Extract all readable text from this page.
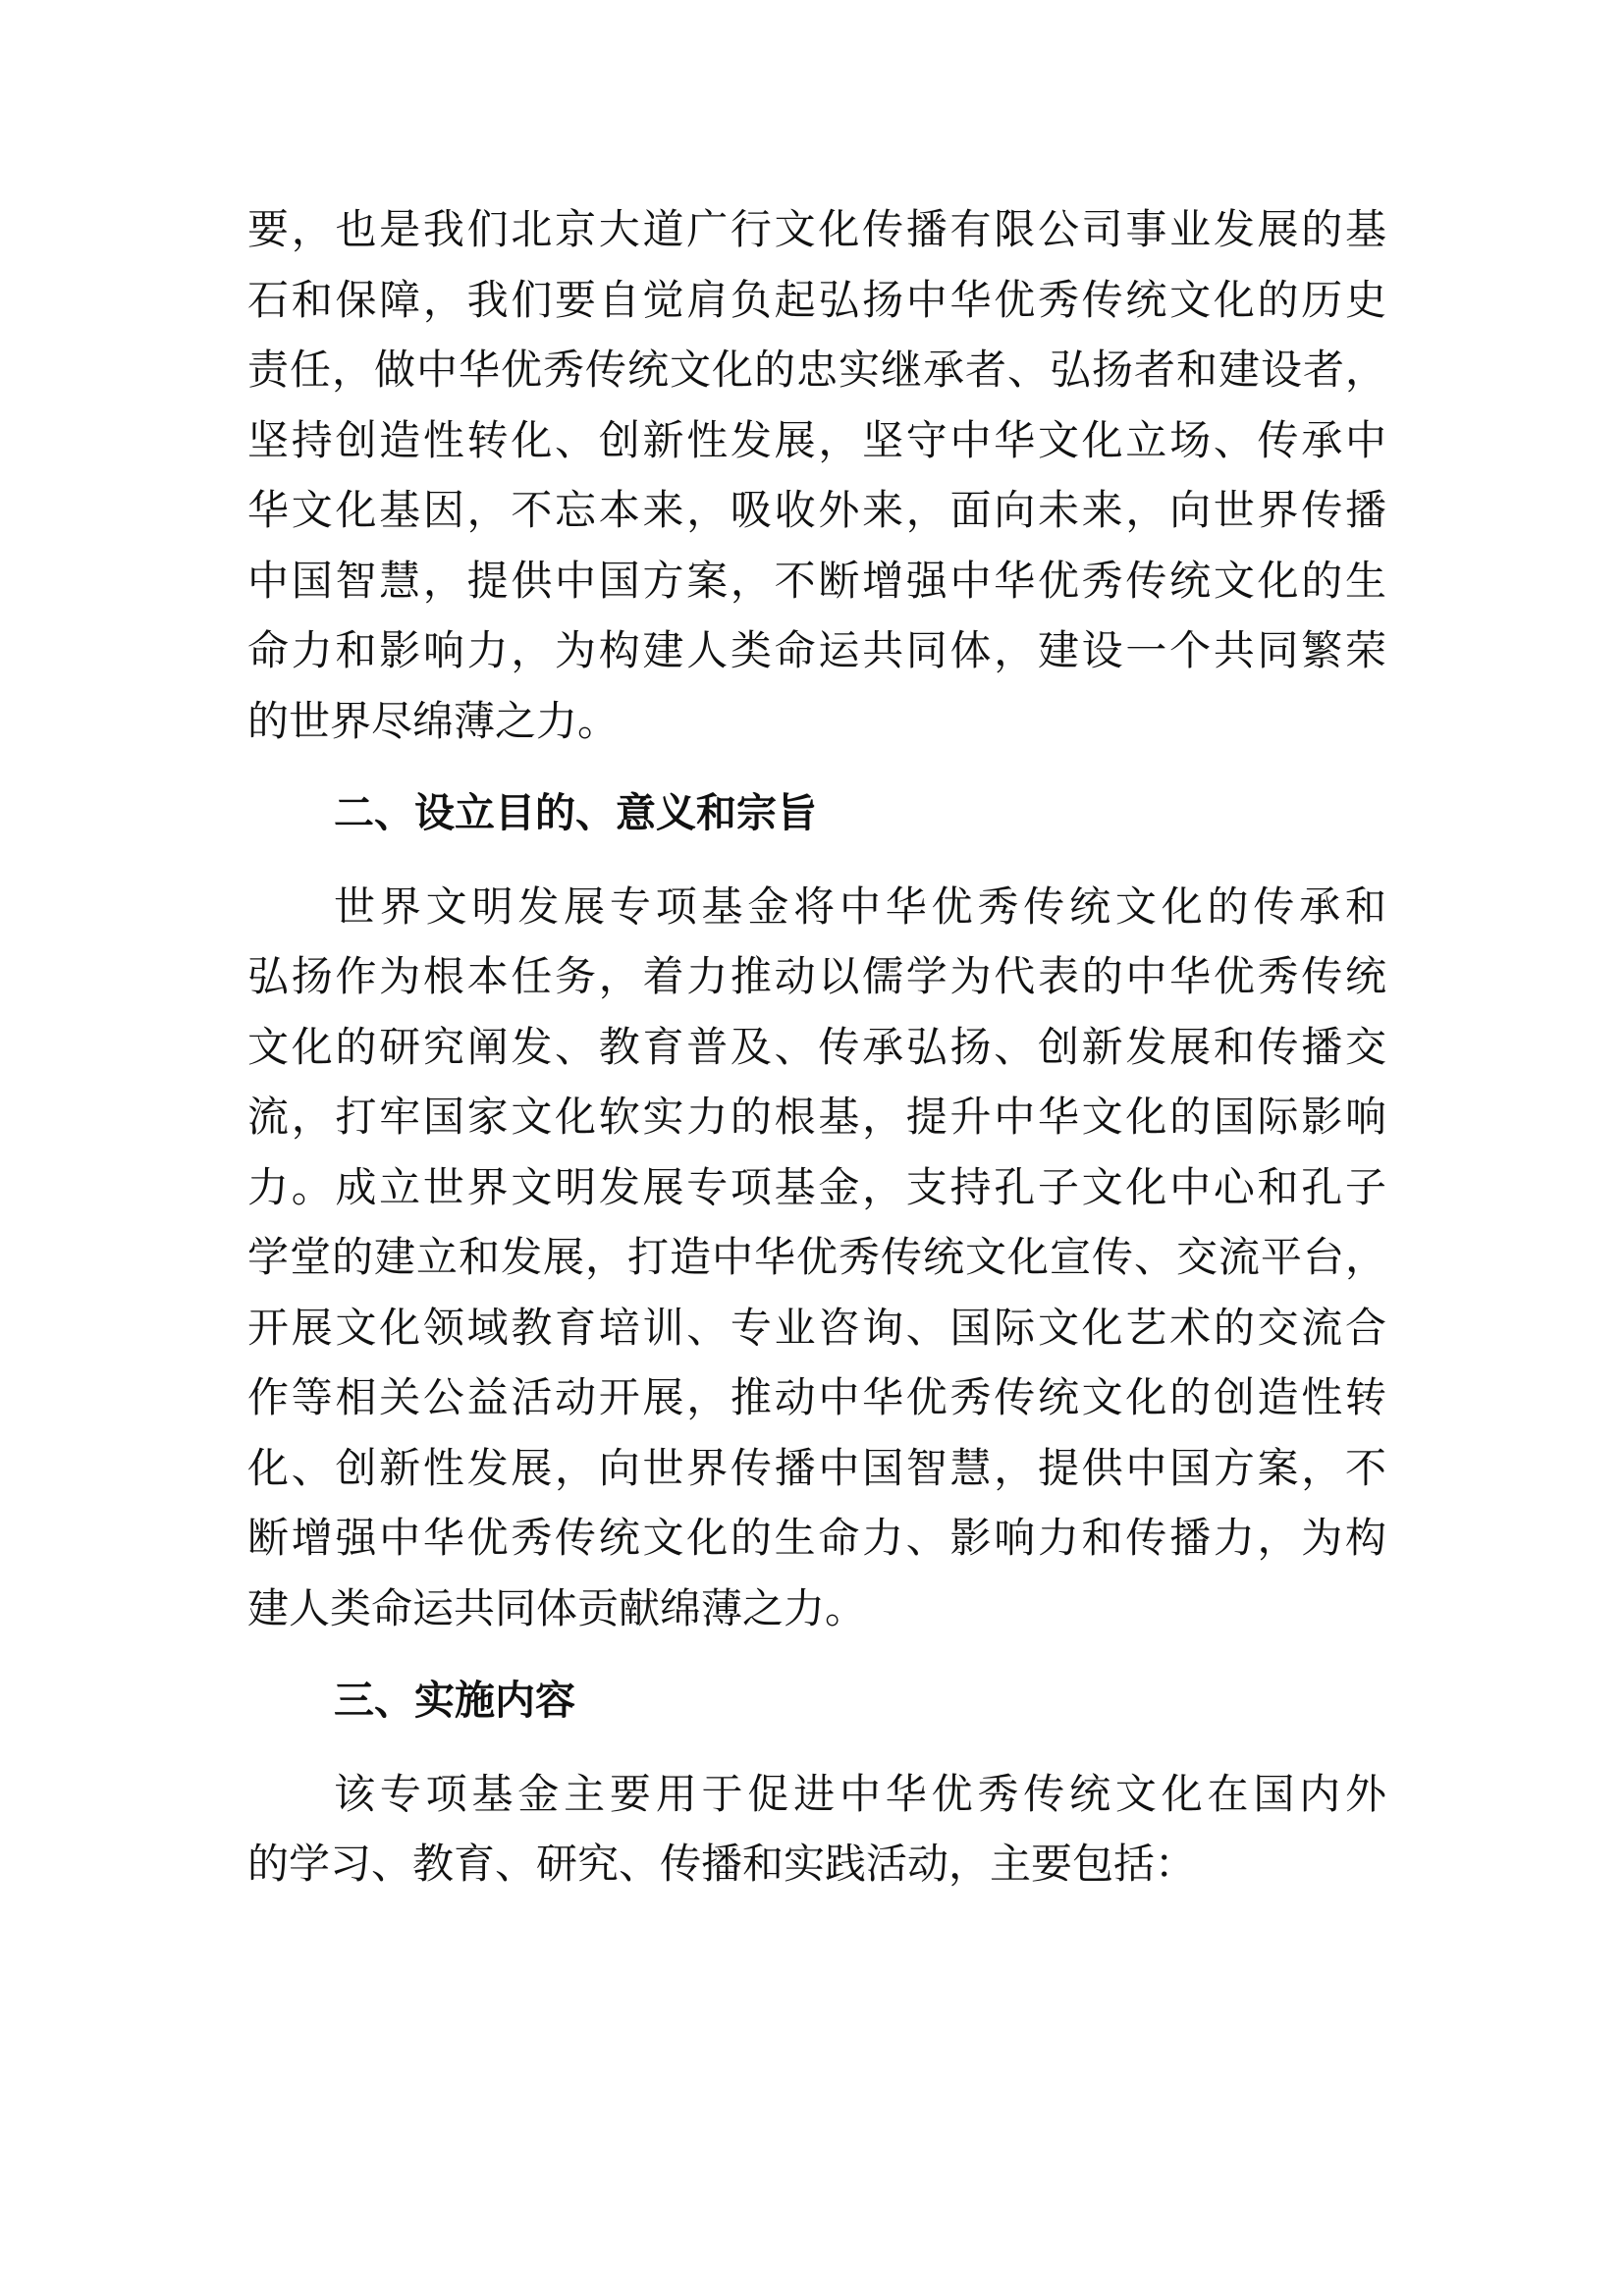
要，也是我们北京大道广行文化传播有限公司事业发展的基
石和保障，我们要自觉肩负起弘扬中华优秀传统文化的历史
责任，做中华优秀传统文化的忠实继承者、弘扬者和建设者，
坚持创造性转化、创新性发展，坚守中华文化立场、传承中
华文化基因，不忘本来，吸收外来，面向未来，向世界传播
中国智慧，提供中国方案，不断增强中华优秀传统文化的生
命力和影响力，为构建人类命运共同体，建设一个共同繁荣
的世界尽绵薄之力。
二、设立目的、意义和宗旨
世界文明发展专项基金将中华优秀传统文化的传承和
弘扬作为根本任务，着力推动以儒学为代表的中华优秀传统
文化的研究阐发、教育普及、传承弘扬、创新发展和传播交
流，打牢国家文化软实力的根基，提升中华文化的国际影响
力。成立世界文明发展专项基金，支持孔子文化中心和孔子
学堂的建立和发展，打造中华优秀传统文化宣传、交流平台，
开展文化领域教育培训、专业咨询、国际文化艺术的交流合
作等相关公益活动开展，推动中华优秀传统文化的创造性转
化、创新性发展，向世界传播中国智慧，提供中国方案，不
断增强中华优秀传统文化的生命力、影响力和传播力，为构
建人类命运共同体贡献绵薄之力。
三、实施内容
该专项基金主要用于促进中华优秀传统文化在国内外
的学习、教育、研究、传播和实践活动，主要包括：
